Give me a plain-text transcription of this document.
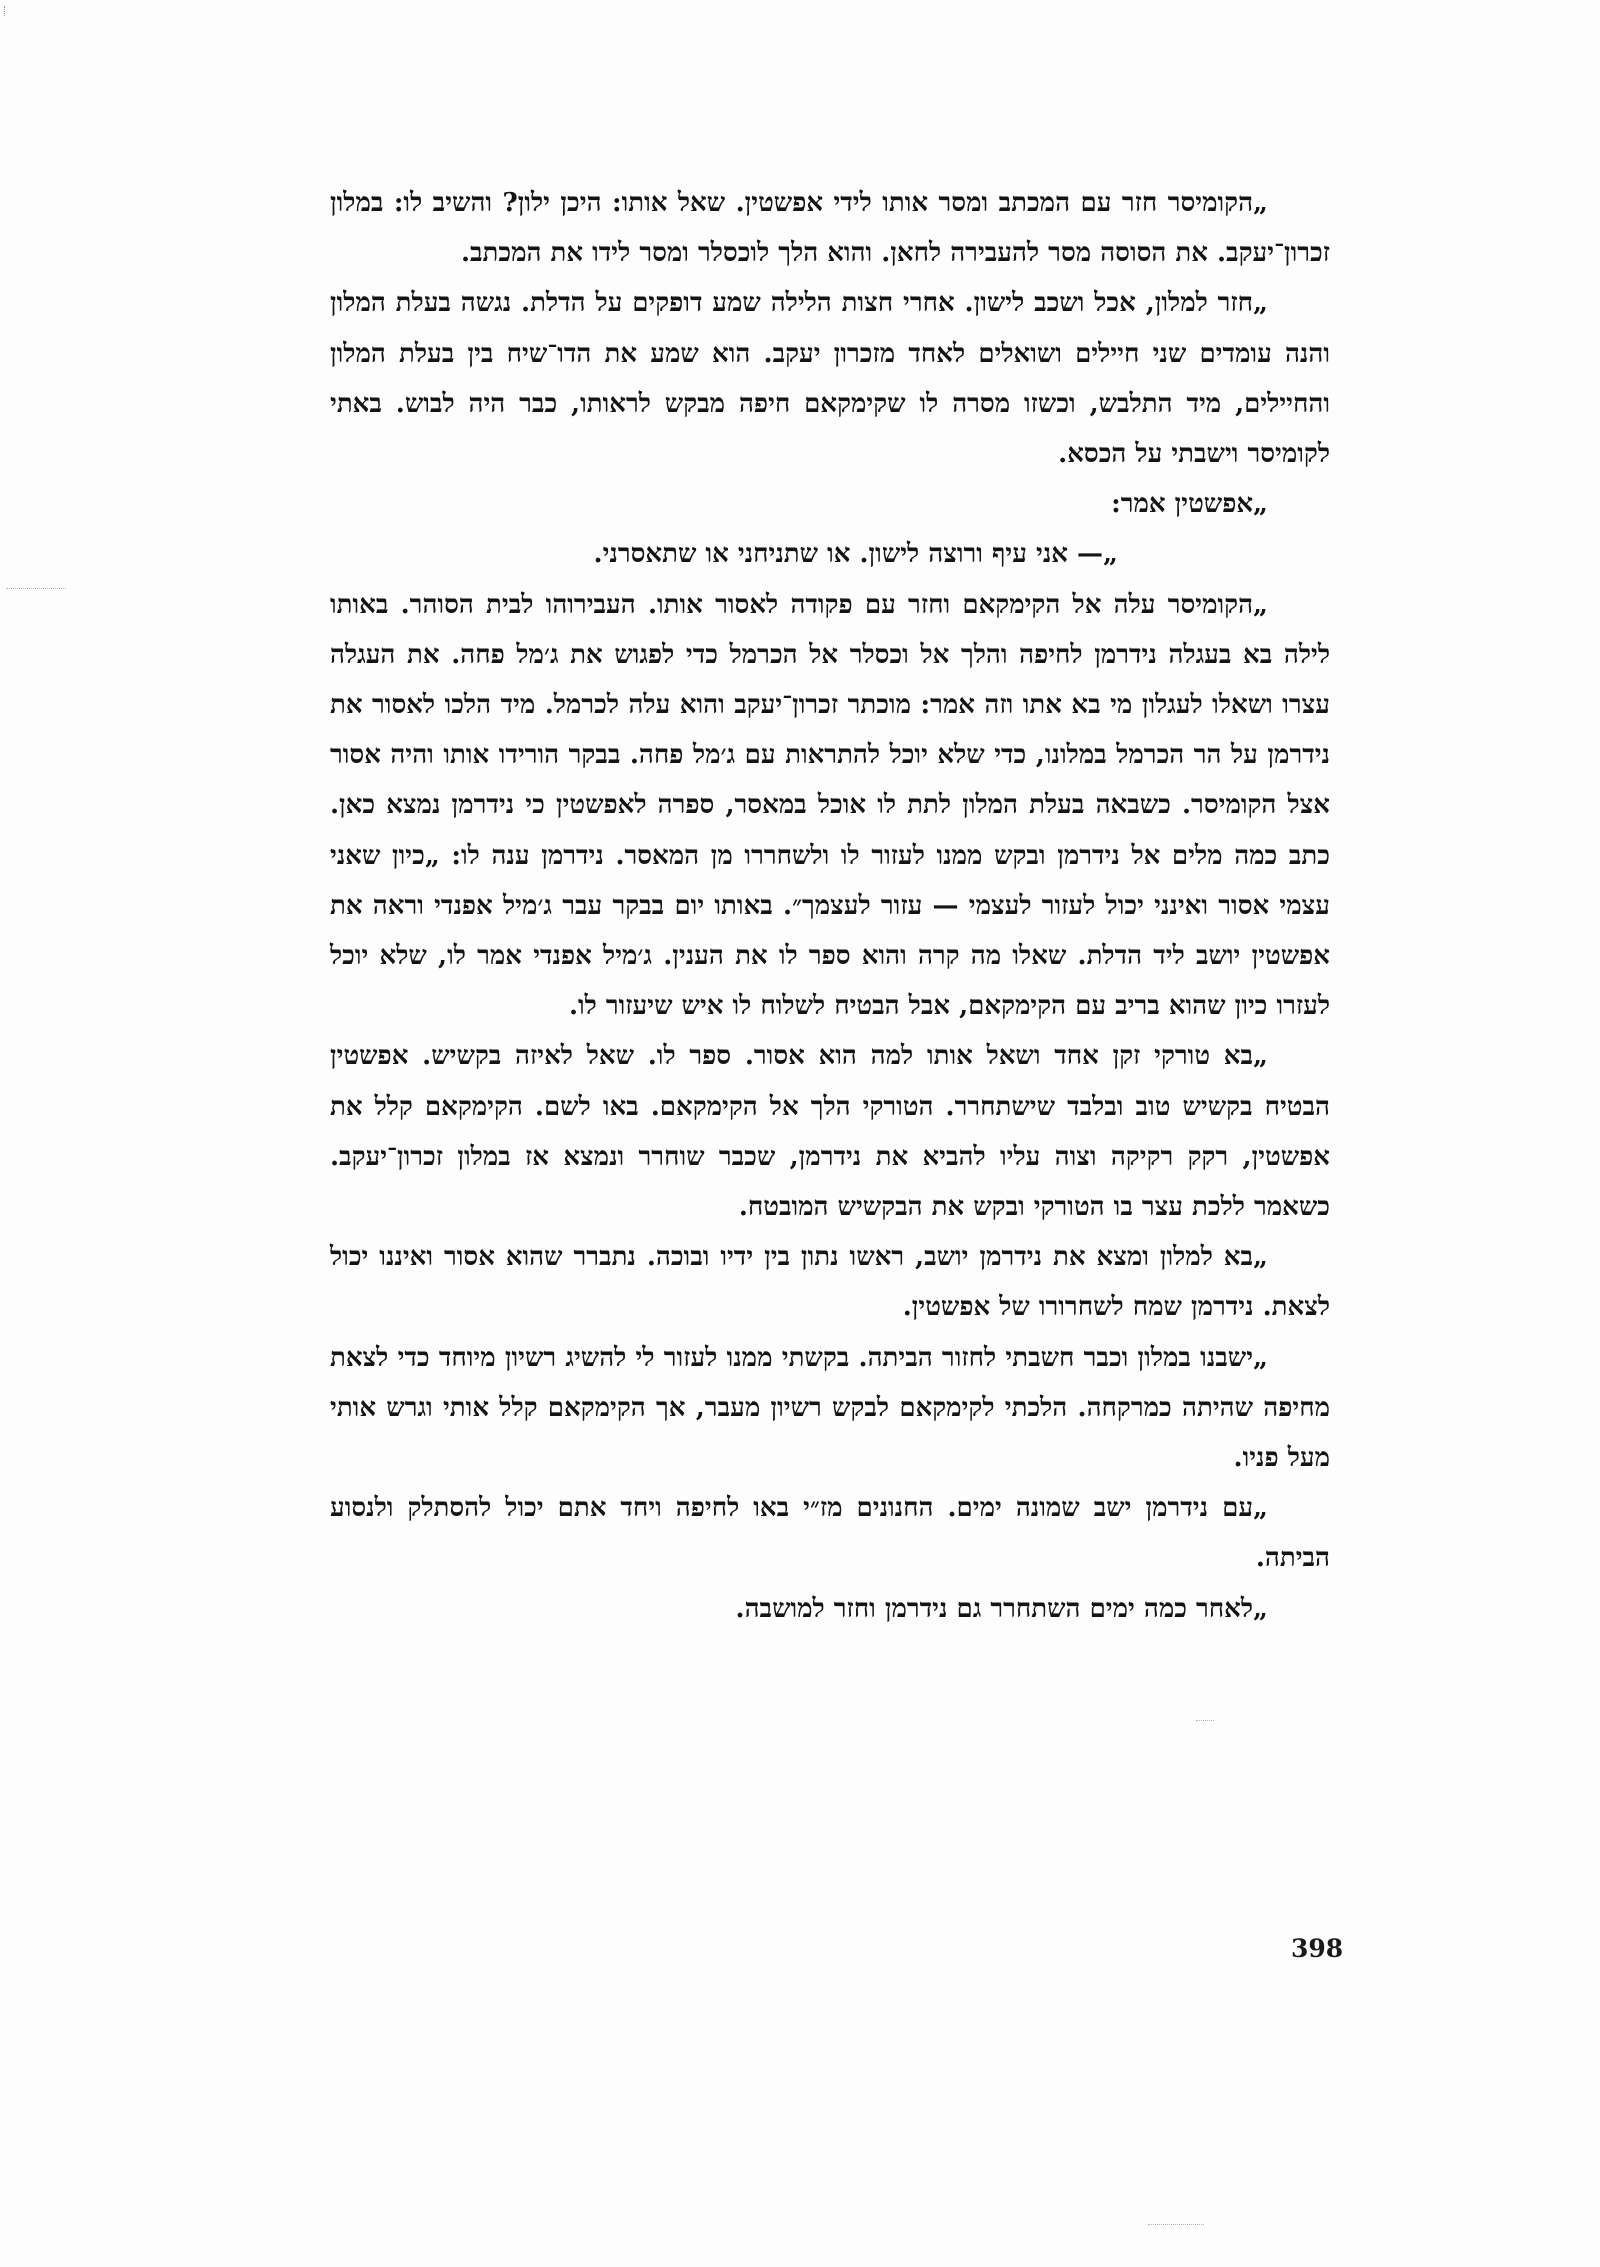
„הקומיסר חזר עם המכתב ומסר אותו לידי אפשטין. שאל אותו: היכן ילון? והשיב לו: במלון זכרון־יעקב. את הסוסה מסר להעבירה לחאן. והוא הלך לוכסלר ומסר לידו את המכתב.

„חזר למלון, אכל ושכב לישון. אחרי חצות הלילה שמע דופקים על הדלת. נגשה בעלת המלון והנה עומדים שני חיילים ושואלים לאחד מזכרון יעקב. הוא שמע את הדו־שיח בין בעלת המלון והחיילים, מיד התלבש, וכשזו מסרה לו שקימקאם חיפה מבקש לראותו, כבר היה לבוש. באתי לקומיסר וישבתי על הכסא.

„אפשטין אמר:

„— אני עיף ורוצה לישון. או שתניחני או שתאסרני.

„הקומיסר עלה אל הקימקאם וחזר עם פקודה לאסור אותו. העבירוהו לבית הסוהר. באותו לילה בא בעגלה נידרמן לחיפה והלך אל וכסלר אל הכרמל כדי לפגוש את ג׳מל פחה. את העגלה עצרו ושאלו לעגלון מי בא אתו וזה אמר: מוכתר זכרון־יעקב והוא עלה לכרמל. מיד הלכו לאסור את נידרמן על הר הכרמל במלונו, כדי שלא יוכל להתראות עם ג׳מל פחה. בבקר הורידו אותו והיה אסור אצל הקומיסר. כשבאה בעלת המלון לתת לו אוכל במאסר, ספרה לאפשטין כי נידרמן נמצא כאן. כתב כמה מלים אל נידרמן ובקש ממנו לעזור לו ולשחררו מן המאסר. נידרמן ענה לו: „כיון שאני עצמי אסור ואינני יכול לעזור לעצמי — עזור לעצמך״. באותו יום בבקר עבר ג׳מיל אפנדי וראה את אפשטין יושב ליד הדלת. שאלו מה קרה והוא ספר לו את הענין. ג׳מיל אפנדי אמר לו, שלא יוכל לעזרו כיון שהוא בריב עם הקימקאם, אבל הבטיח לשלוח לו איש שיעזור לו.

„בא טורקי זקן אחד ושאל אותו למה הוא אסור. ספר לו. שאל לאיזה בקשיש. אפשטין הבטיח בקשיש טוב ובלבד שישתחרר. הטורקי הלך אל הקימקאם. באו לשם. הקימקאם קלל את אפשטין, רקק רקיקה וצוה עליו להביא את נידרמן, שכבר שוחרר ונמצא אז במלון זכרון־יעקב. כשאמר ללכת עצר בו הטורקי ובקש את הבקשיש המובטח.

„בא למלון ומצא את נידרמן יושב, ראשו נתון בין ידיו ובוכה. נתברר שהוא אסור ואיננו יכול לצאת. נידרמן שמח לשחרורו של אפשטין.

„ישבנו במלון וכבר חשבתי לחזור הביתה. בקשתי ממנו לעזור לי להשיג רשיון מיוחד כדי לצאת מחיפה שהיתה כמרקחה. הלכתי לקימקאם לבקש רשיון מעבר, אך הקימקאם קלל אותי וגרש אותי מעל פניו.

„עם נידרמן ישב שמונה ימים. החנונים מז״י באו לחיפה ויחד אתם יכול להסתלק ולנסוע הביתה.

„לאחר כמה ימים השתחרר גם נידרמן וחזר למושבה.

398
